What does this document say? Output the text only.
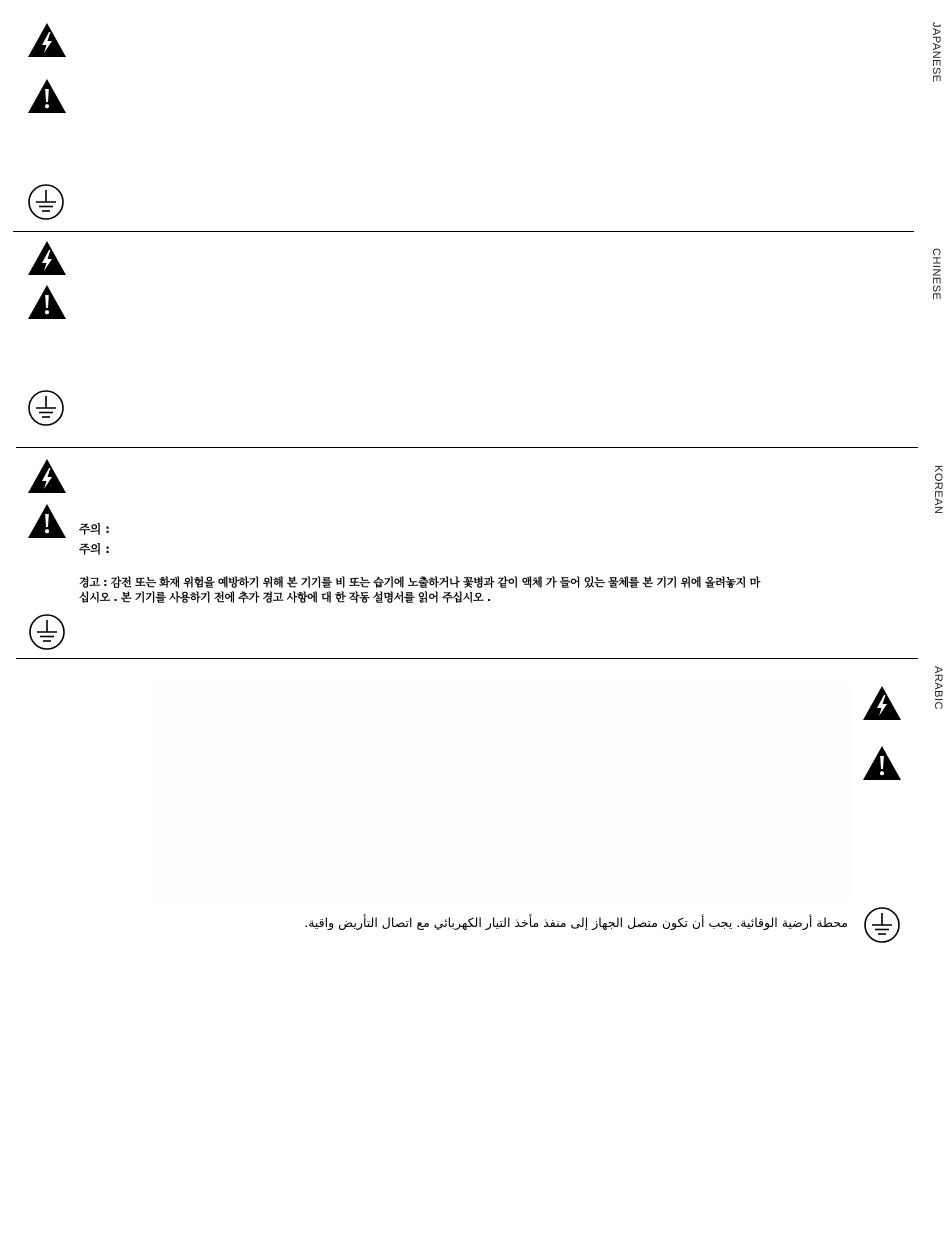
JAPANESE
CHINESE
주의 :
주의 :
경고 : 감전 또는 화재 위험을 예방하기 위해 본 기기를 비 또는 습기에 노출하거나 꽃병과 같이 액체 가 들어 있는 물체를 본 기기 위에 올려놓지 마
십시오 . 본 기기를 사용하기 전에 추가 경고 사항에 대 한 작동 설명서를 읽어 주십시오 .
KOREAN
محطة أرضية الوقائية. يجب أن تكون متصل الجهاز إلى منفذ مأخذ التيار الكهربائي مع اتصال التأريض واقية.
ARABIC
